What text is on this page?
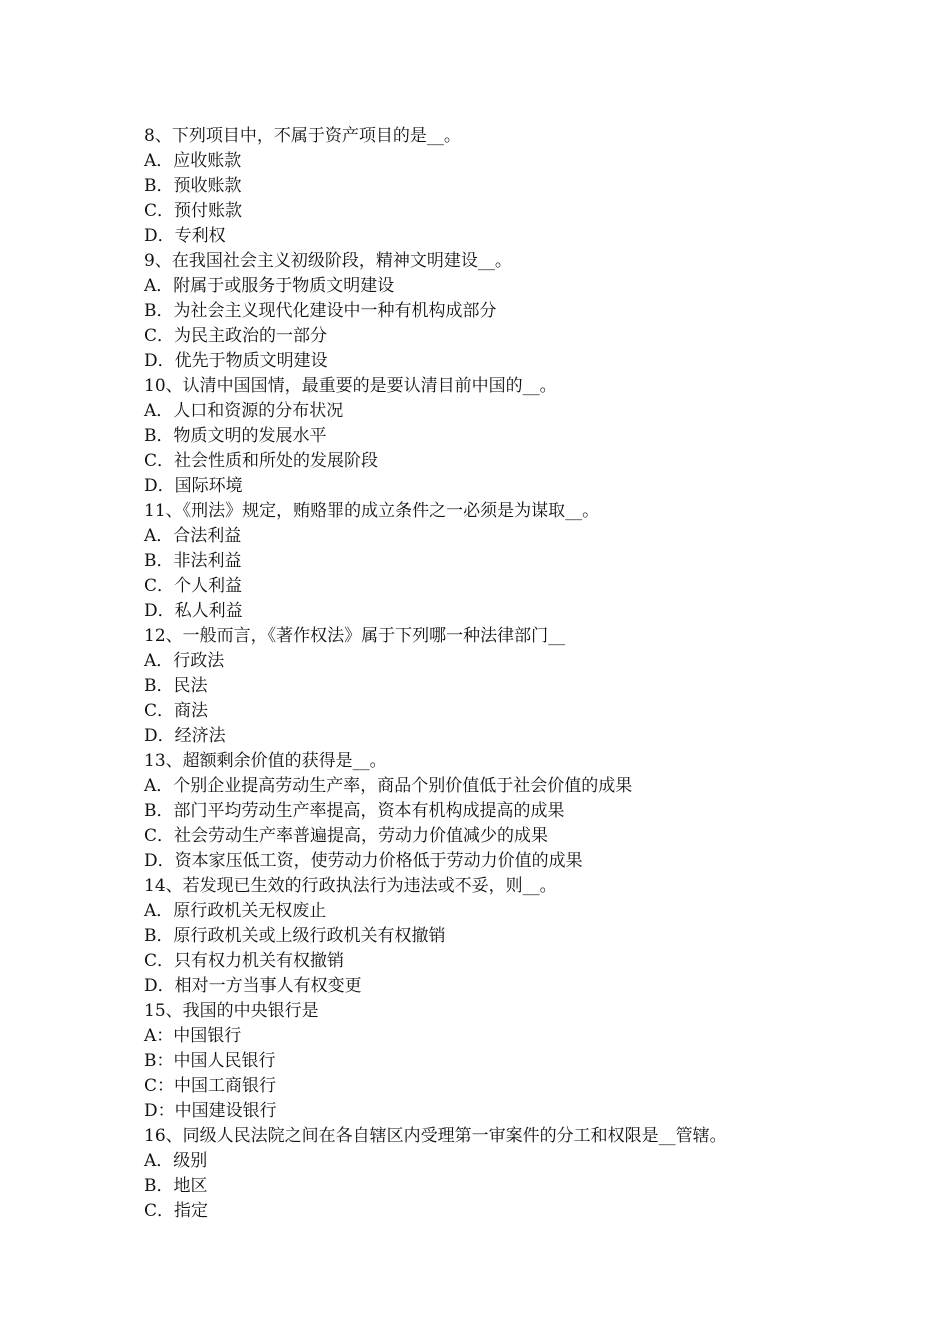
8、下列项目中，不属于资产项目的是__。
A．应收账款
B．预收账款
C．预付账款
D．专利权
9、在我国社会主义初级阶段，精神文明建设__。
A．附属于或服务于物质文明建设
B．为社会主义现代化建设中一种有机构成部分
C．为民主政治的一部分
D．优先于物质文明建设
10、认清中国国情，最重要的是要认清目前中国的__。
A．人口和资源的分布状况
B．物质文明的发展水平
C．社会性质和所处的发展阶段
D．国际环境
11、《刑法》规定，贿赂罪的成立条件之一必须是为谋取__。
A．合法利益
B．非法利益
C．个人利益
D．私人利益
12、一般而言，《著作权法》属于下列哪一种法律部门__
A．行政法
B．民法
C．商法
D．经济法
13、超额剩余价值的获得是__。
A．个别企业提高劳动生产率，商品个别价值低于社会价值的成果
B．部门平均劳动生产率提高，资本有机构成提高的成果
C．社会劳动生产率普遍提高，劳动力价值减少的成果
D．资本家压低工资，使劳动力价格低于劳动力价值的成果
14、若发现已生效的行政执法行为违法或不妥，则__。
A．原行政机关无权废止
B．原行政机关或上级行政机关有权撤销
C．只有权力机关有权撤销
D．相对一方当事人有权变更
15、我国的中央银行是
A：中国银行
B：中国人民银行
C：中国工商银行
D：中国建设银行
16、同级人民法院之间在各自辖区内受理第一审案件的分工和权限是__管辖。
A．级别
B．地区
C．指定
